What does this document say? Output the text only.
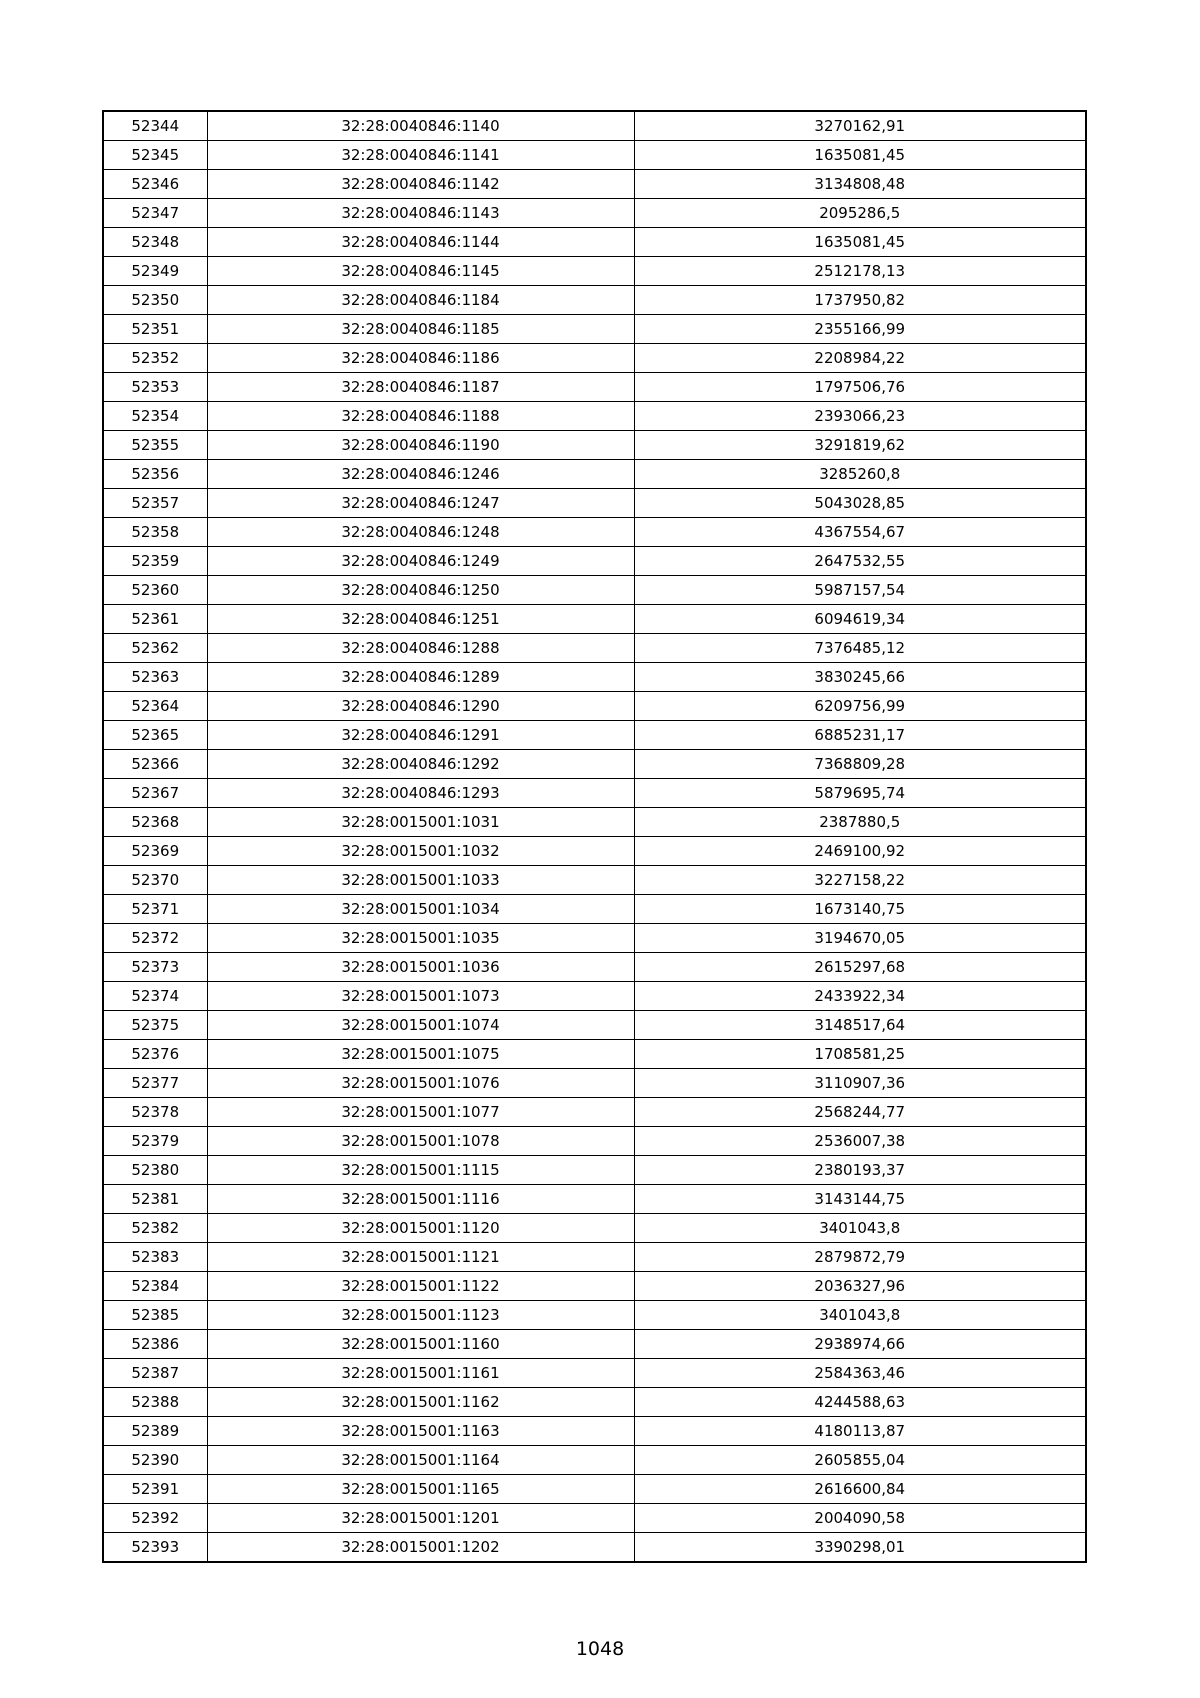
52344	32:28:0040846:1140	3270162,91
52345	32:28:0040846:1141	1635081,45
52346	32:28:0040846:1142	3134808,48
52347	32:28:0040846:1143	2095286,5
52348	32:28:0040846:1144	1635081,45
52349	32:28:0040846:1145	2512178,13
52350	32:28:0040846:1184	1737950,82
52351	32:28:0040846:1185	2355166,99
52352	32:28:0040846:1186	2208984,22
52353	32:28:0040846:1187	1797506,76
52354	32:28:0040846:1188	2393066,23
52355	32:28:0040846:1190	3291819,62
52356	32:28:0040846:1246	3285260,8
52357	32:28:0040846:1247	5043028,85
52358	32:28:0040846:1248	4367554,67
52359	32:28:0040846:1249	2647532,55
52360	32:28:0040846:1250	5987157,54
52361	32:28:0040846:1251	6094619,34
52362	32:28:0040846:1288	7376485,12
52363	32:28:0040846:1289	3830245,66
52364	32:28:0040846:1290	6209756,99
52365	32:28:0040846:1291	6885231,17
52366	32:28:0040846:1292	7368809,28
52367	32:28:0040846:1293	5879695,74
52368	32:28:0015001:1031	2387880,5
52369	32:28:0015001:1032	2469100,92
52370	32:28:0015001:1033	3227158,22
52371	32:28:0015001:1034	1673140,75
52372	32:28:0015001:1035	3194670,05
52373	32:28:0015001:1036	2615297,68
52374	32:28:0015001:1073	2433922,34
52375	32:28:0015001:1074	3148517,64
52376	32:28:0015001:1075	1708581,25
52377	32:28:0015001:1076	3110907,36
52378	32:28:0015001:1077	2568244,77
52379	32:28:0015001:1078	2536007,38
52380	32:28:0015001:1115	2380193,37
52381	32:28:0015001:1116	3143144,75
52382	32:28:0015001:1120	3401043,8
52383	32:28:0015001:1121	2879872,79
52384	32:28:0015001:1122	2036327,96
52385	32:28:0015001:1123	3401043,8
52386	32:28:0015001:1160	2938974,66
52387	32:28:0015001:1161	2584363,46
52388	32:28:0015001:1162	4244588,63
52389	32:28:0015001:1163	4180113,87
52390	32:28:0015001:1164	2605855,04
52391	32:28:0015001:1165	2616600,84
52392	32:28:0015001:1201	2004090,58
52393	32:28:0015001:1202	3390298,01
1048
